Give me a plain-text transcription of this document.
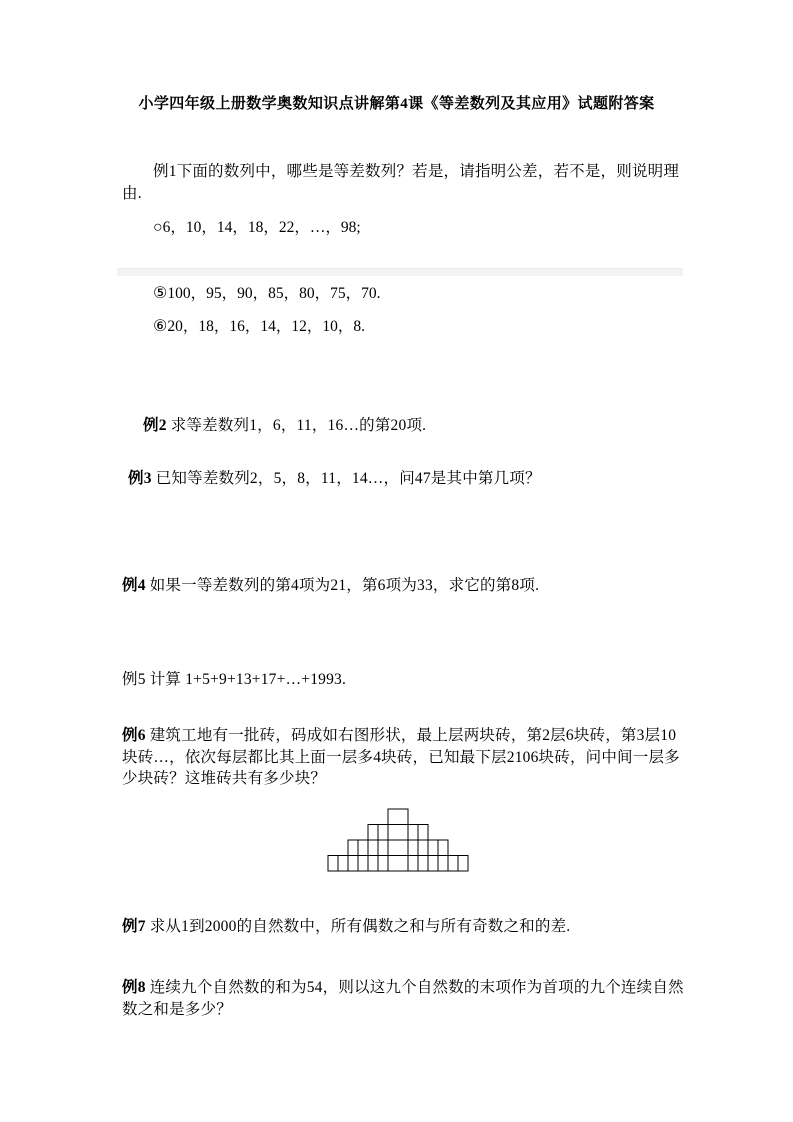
小学四年级上册数学奥数知识点讲解第4课《等差数列及其应用》试题附答案
例1下面的数列中，哪些是等差数列？若是，请指明公差，若不是，则说明理由.
○6，10，14，18，22，…，98;
⑤100，95，90，85，80，75，70.
⑥20，18，16，14，12，10，8.
例2 求等差数列1，6，11，16…的第20项.
例3 已知等差数列2，5，8，11，14…，问47是其中第几项？
例4 如果一等差数列的第4项为21，第6项为33，求它的第8项.
例5 计算 1+5+9+13+17+…+1993.
例6 建筑工地有一批砖，码成如右图形状，最上层两块砖，第2层6块砖，第3层10块砖…，依次每层都比其上面一层多4块砖，已知最下层2106块砖，问中间一层多少块砖？这堆砖共有多少块？
例7 求从1到2000的自然数中，所有偶数之和与所有奇数之和的差.
例8 连续九个自然数的和为54，则以这九个自然数的末项作为首项的九个连续自然数之和是多少？
